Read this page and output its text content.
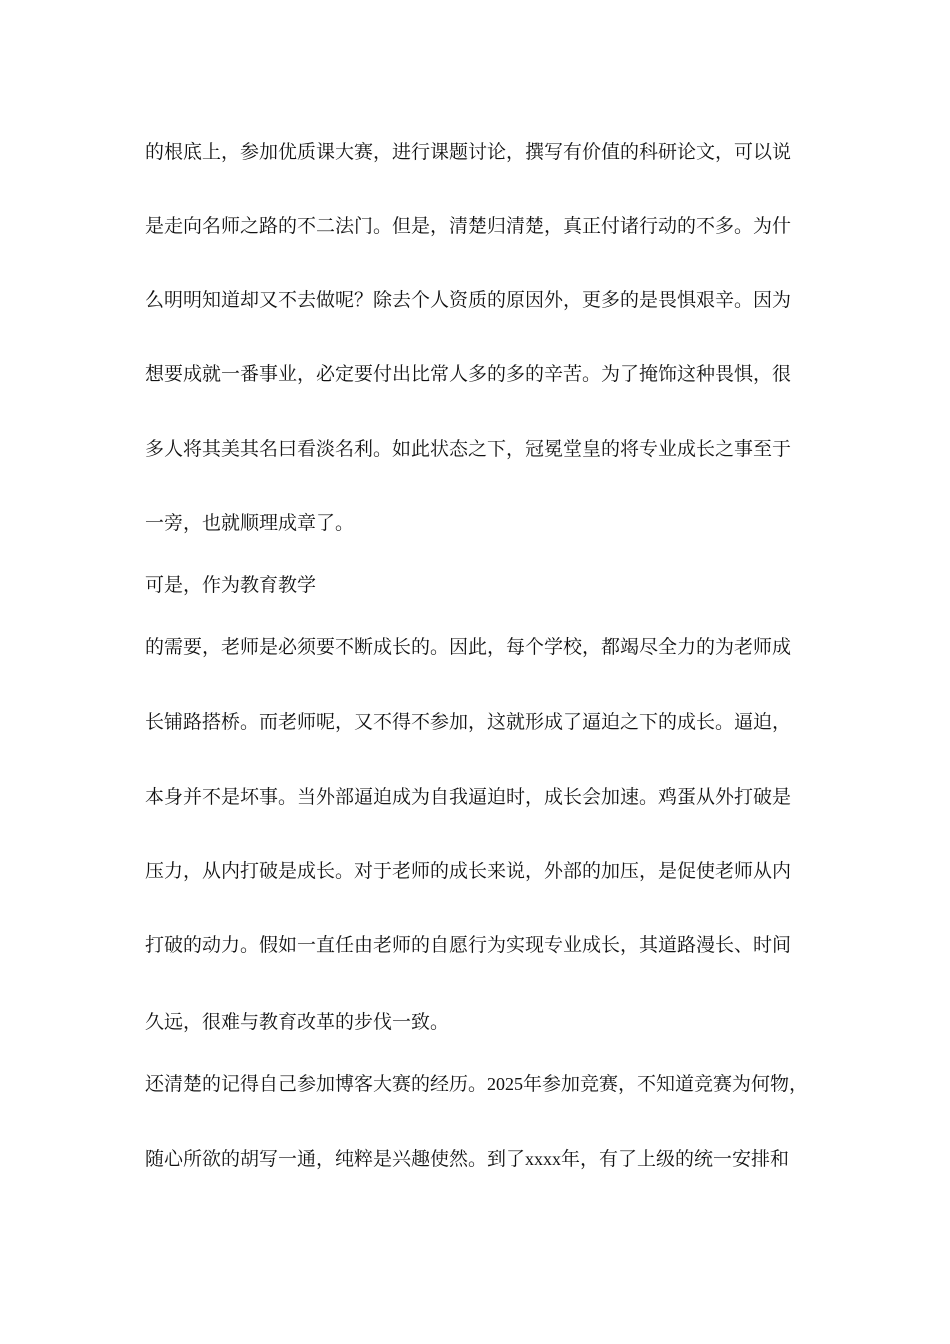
的根底上，参加优质课大赛，进行课题讨论，撰写有价值的科研论文，可以说
是走向名师之路的不二法门。但是，清楚归清楚，真正付诸行动的不多。为什
么明明知道却又不去做呢？除去个人资质的原因外，更多的是畏惧艰辛。因为
想要成就一番事业，必定要付出比常人多的多的辛苦。为了掩饰这种畏惧，很
多人将其美其名曰看淡名利。如此状态之下，冠冕堂皇的将专业成长之事至于
一旁，也就顺理成章了。
可是，作为教育教学
的需要，老师是必须要不断成长的。因此，每个学校，都竭尽全力的为老师成
长铺路搭桥。而老师呢，又不得不参加，这就形成了逼迫之下的成长。逼迫，
本身并不是坏事。当外部逼迫成为自我逼迫时，成长会加速。鸡蛋从外打破是
压力，从内打破是成长。对于老师的成长来说，外部的加压，是促使老师从内
打破的动力。假如一直任由老师的自愿行为实现专业成长，其道路漫长、时间
久远，很难与教育改革的步伐一致。
还清楚的记得自己参加博客大赛的经历。2025年参加竞赛，不知道竞赛为何物，
随心所欲的胡写一通，纯粹是兴趣使然。到了xxxx年，有了上级的统一安排和
